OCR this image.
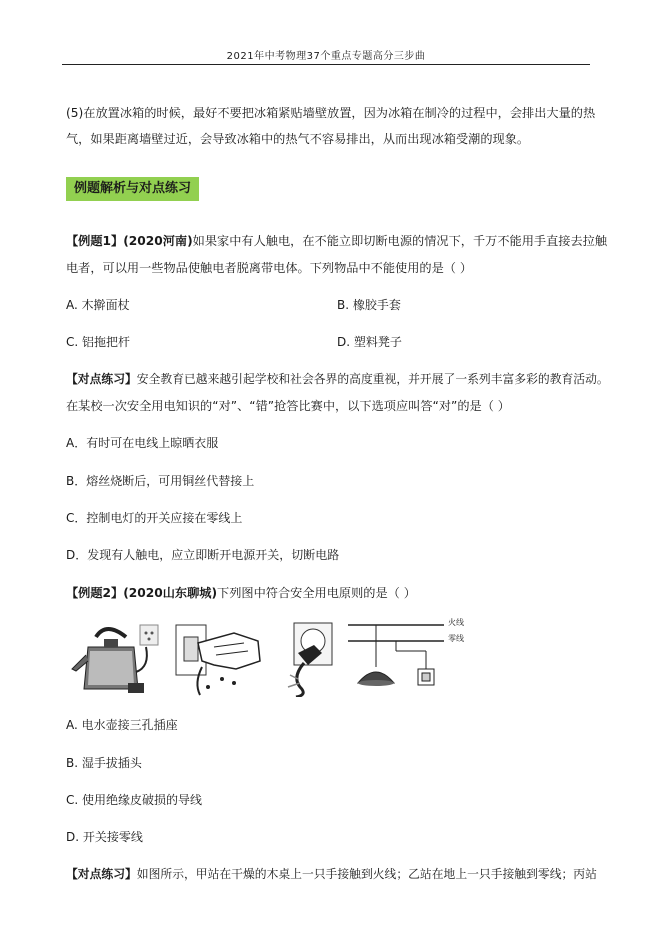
2021年中考物理37个重点专题高分三步曲
(5)在放置冰箱的时候，最好不要把冰箱紧贴墙壁放置，因为冰箱在制冷的过程中，会排出大量的热气，如果距离墙壁过近，会导致冰箱中的热气不容易排出，从而出现冰箱受潮的现象。
例题解析与对点练习
【例题1】(2020河南)如果家中有人触电，在不能立即切断电源的情况下，千万不能用手直接去拉触
电者，可以用一些物品使触电者脱离带电体。下列物品中不能使用的是（ ）
A. 木擀面杖	B. 橡胶手套
C. 铝拖把杆	D. 塑料凳子
【对点练习】安全教育已越来越引起学校和社会各界的高度重视，并开展了一系列丰富多彩的教育活动。
在某校一次安全用电知识的“对”、“错”抢答比赛中，以下选项应叫答“对”的是（ ）
A．有时可在电线上晾晒衣服
B．熔丝烧断后，可用铜丝代替接上
C．控制电灯的开关应接在零线上
D．发现有人触电，应立即断开电源开关，切断电路
【例题2】(2020山东聊城)下列图中符合安全用电原则的是（ ）
火线
零线
A. 电水壶接三孔插座
B. 湿手拔插头
C. 使用绝缘皮破损的导线
D. 开关接零线
【对点练习】如图所示，甲站在干燥的木桌上一只手接触到火线；乙站在地上一只手接触到零线；丙站
